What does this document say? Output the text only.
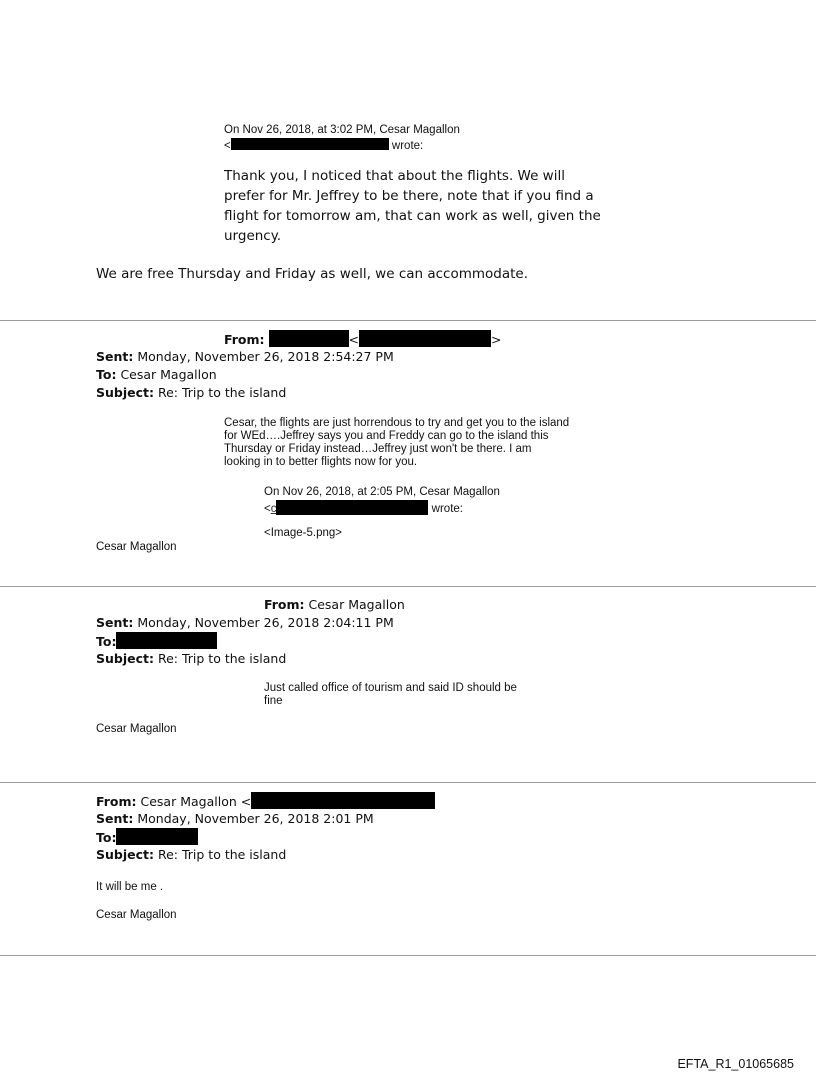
On Nov 26, 2018, at 3:02 PM, Cesar Magallon
<	wrote:
Thank you, I noticed that about the flights. We will
prefer for Mr. Jeffrey to be there, note that if you find a
flight for tomorrow am, that can work as well, given the
urgency.
We are free Thursday and Friday as well, we can accommodate.
From:	<	>
Sent: Monday, November 26, 2018 2:54:27 PM
To: Cesar Magallon
Subject: Re: Trip to the island
Cesar, the flights are just horrendous to try and get you to the island
for WEd….Jeffrey says you and Freddy can go to the island this
Thursday or Friday instead…Jeffrey just won't be there. I am
looking in to better flights now for you.
On Nov 26, 2018, at 2:05 PM, Cesar Magallon
<c	wrote:
<Image-5.png>
Cesar Magallon
From: Cesar Magallon
Sent: Monday, November 26, 2018 2:04:11 PM
To:
Subject: Re: Trip to the island
Just called office of tourism and said ID should be
fine
Cesar Magallon
From: Cesar Magallon <
Sent: Monday, November 26, 2018 2:01 PM
To:
Subject: Re: Trip to the island
It will be me .
Cesar Magallon
EFTA_R1_01065685
